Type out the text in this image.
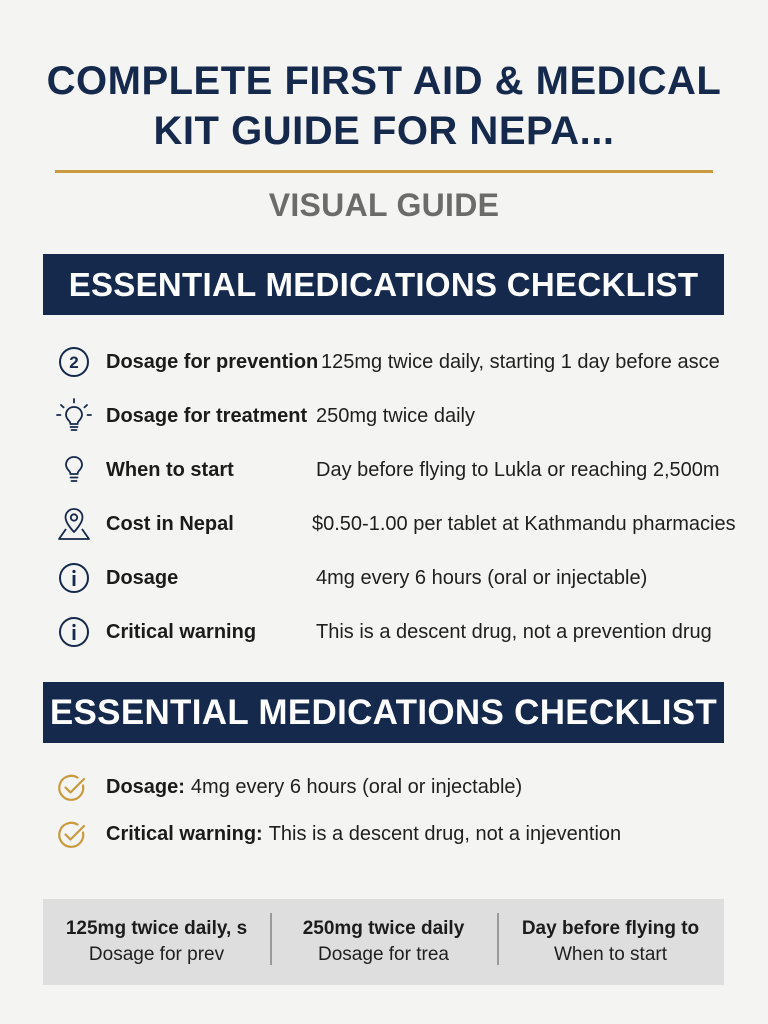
COMPLETE FIRST AID & MEDICAL KIT GUIDE FOR NEPA...
VISUAL GUIDE
ESSENTIAL MEDICATIONS CHECKLIST
2 Dosage for prevention 125mg twice daily, starting 1 day before asce
Dosage for treatment 250mg twice daily
When to start	Day before flying to Lukla or reaching 2,500m
Cost in Nepal	$0.50-1.00 per tablet at Kathmandu pharmacies
Dosage	4mg every 6 hours (oral or injectable)
Critical warning	This is a descent drug, not a prevention drug
ESSENTIAL MEDICATIONS CHECKLIST
Dosage: 4mg every 6 hours (oral or injectable)
Critical warning: This is a descent drug, not a injevention
125mg twice daily, s
Dosage for prev
250mg twice daily
Dosage for trea
Day before flying to
When to start
